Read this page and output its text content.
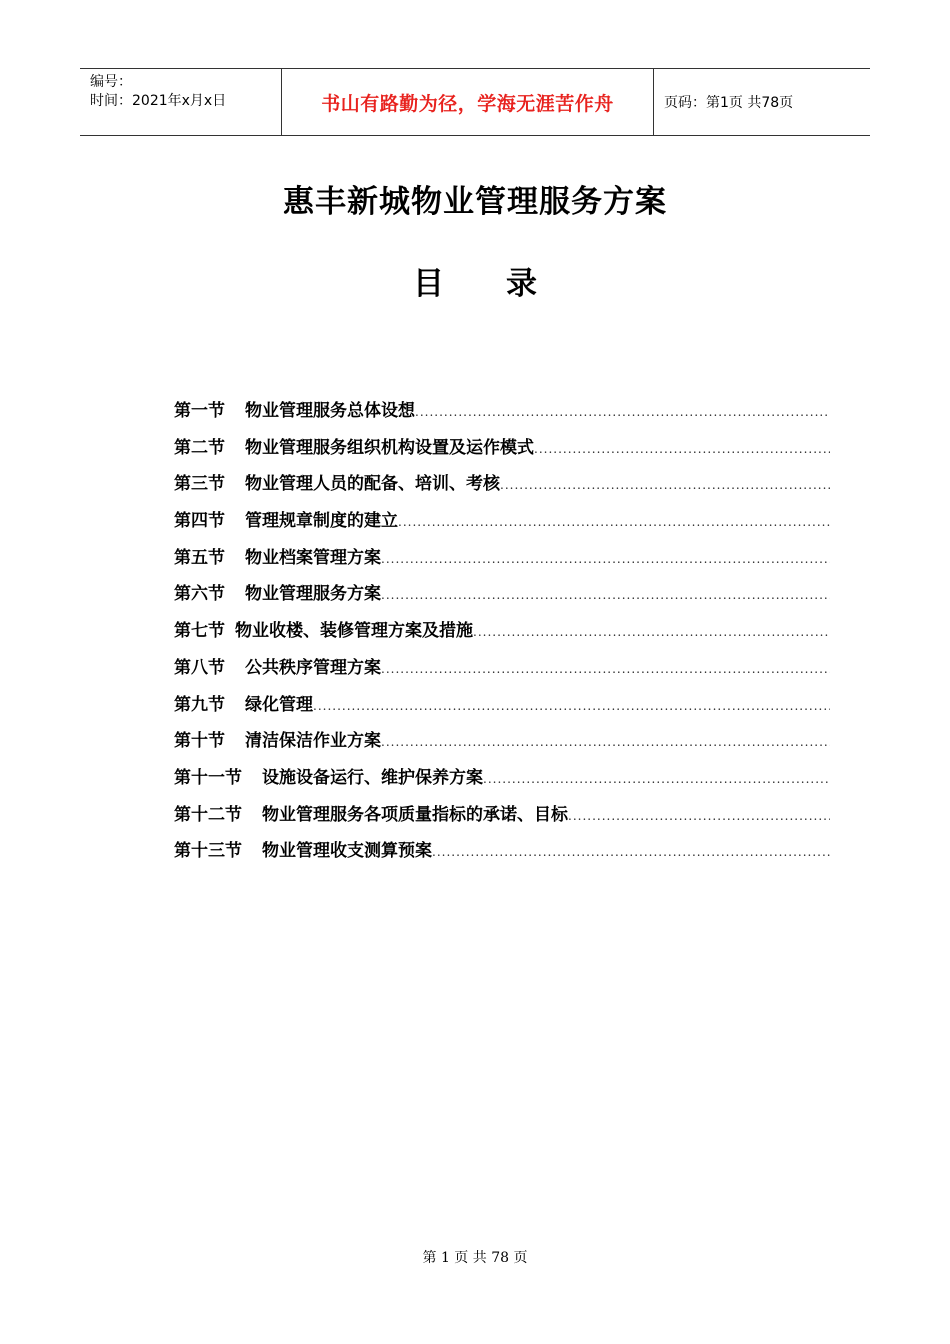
编号：
时间：2021年x月x日	书山有路勤为径，学海无涯苦作舟	页码：第1页 共78页
惠丰新城物业管理服务方案
目 录
第一节 物业管理服务总体设想
.....
第二节 物业管理服务组织机构设置及运作模式
.....
第三节 物业管理人员的配备、培训、考核
.....
第四节 管理规章制度的建立
.....
第五节 物业档案管理方案
.....
第六节 物业管理服务方案
.....
第七节 物业收楼、装修管理方案及措施
.....
第八节 公共秩序管理方案
.....
第九节 绿化管理
.....
第十节 清洁保洁作业方案
.....
第十一节 设施设备运行、维护保养方案
.....
第十二节 物业管理服务各项质量指标的承诺、目标
.....
第十三节 物业管理收支测算预案
.....
第 1 页 共 78 页
